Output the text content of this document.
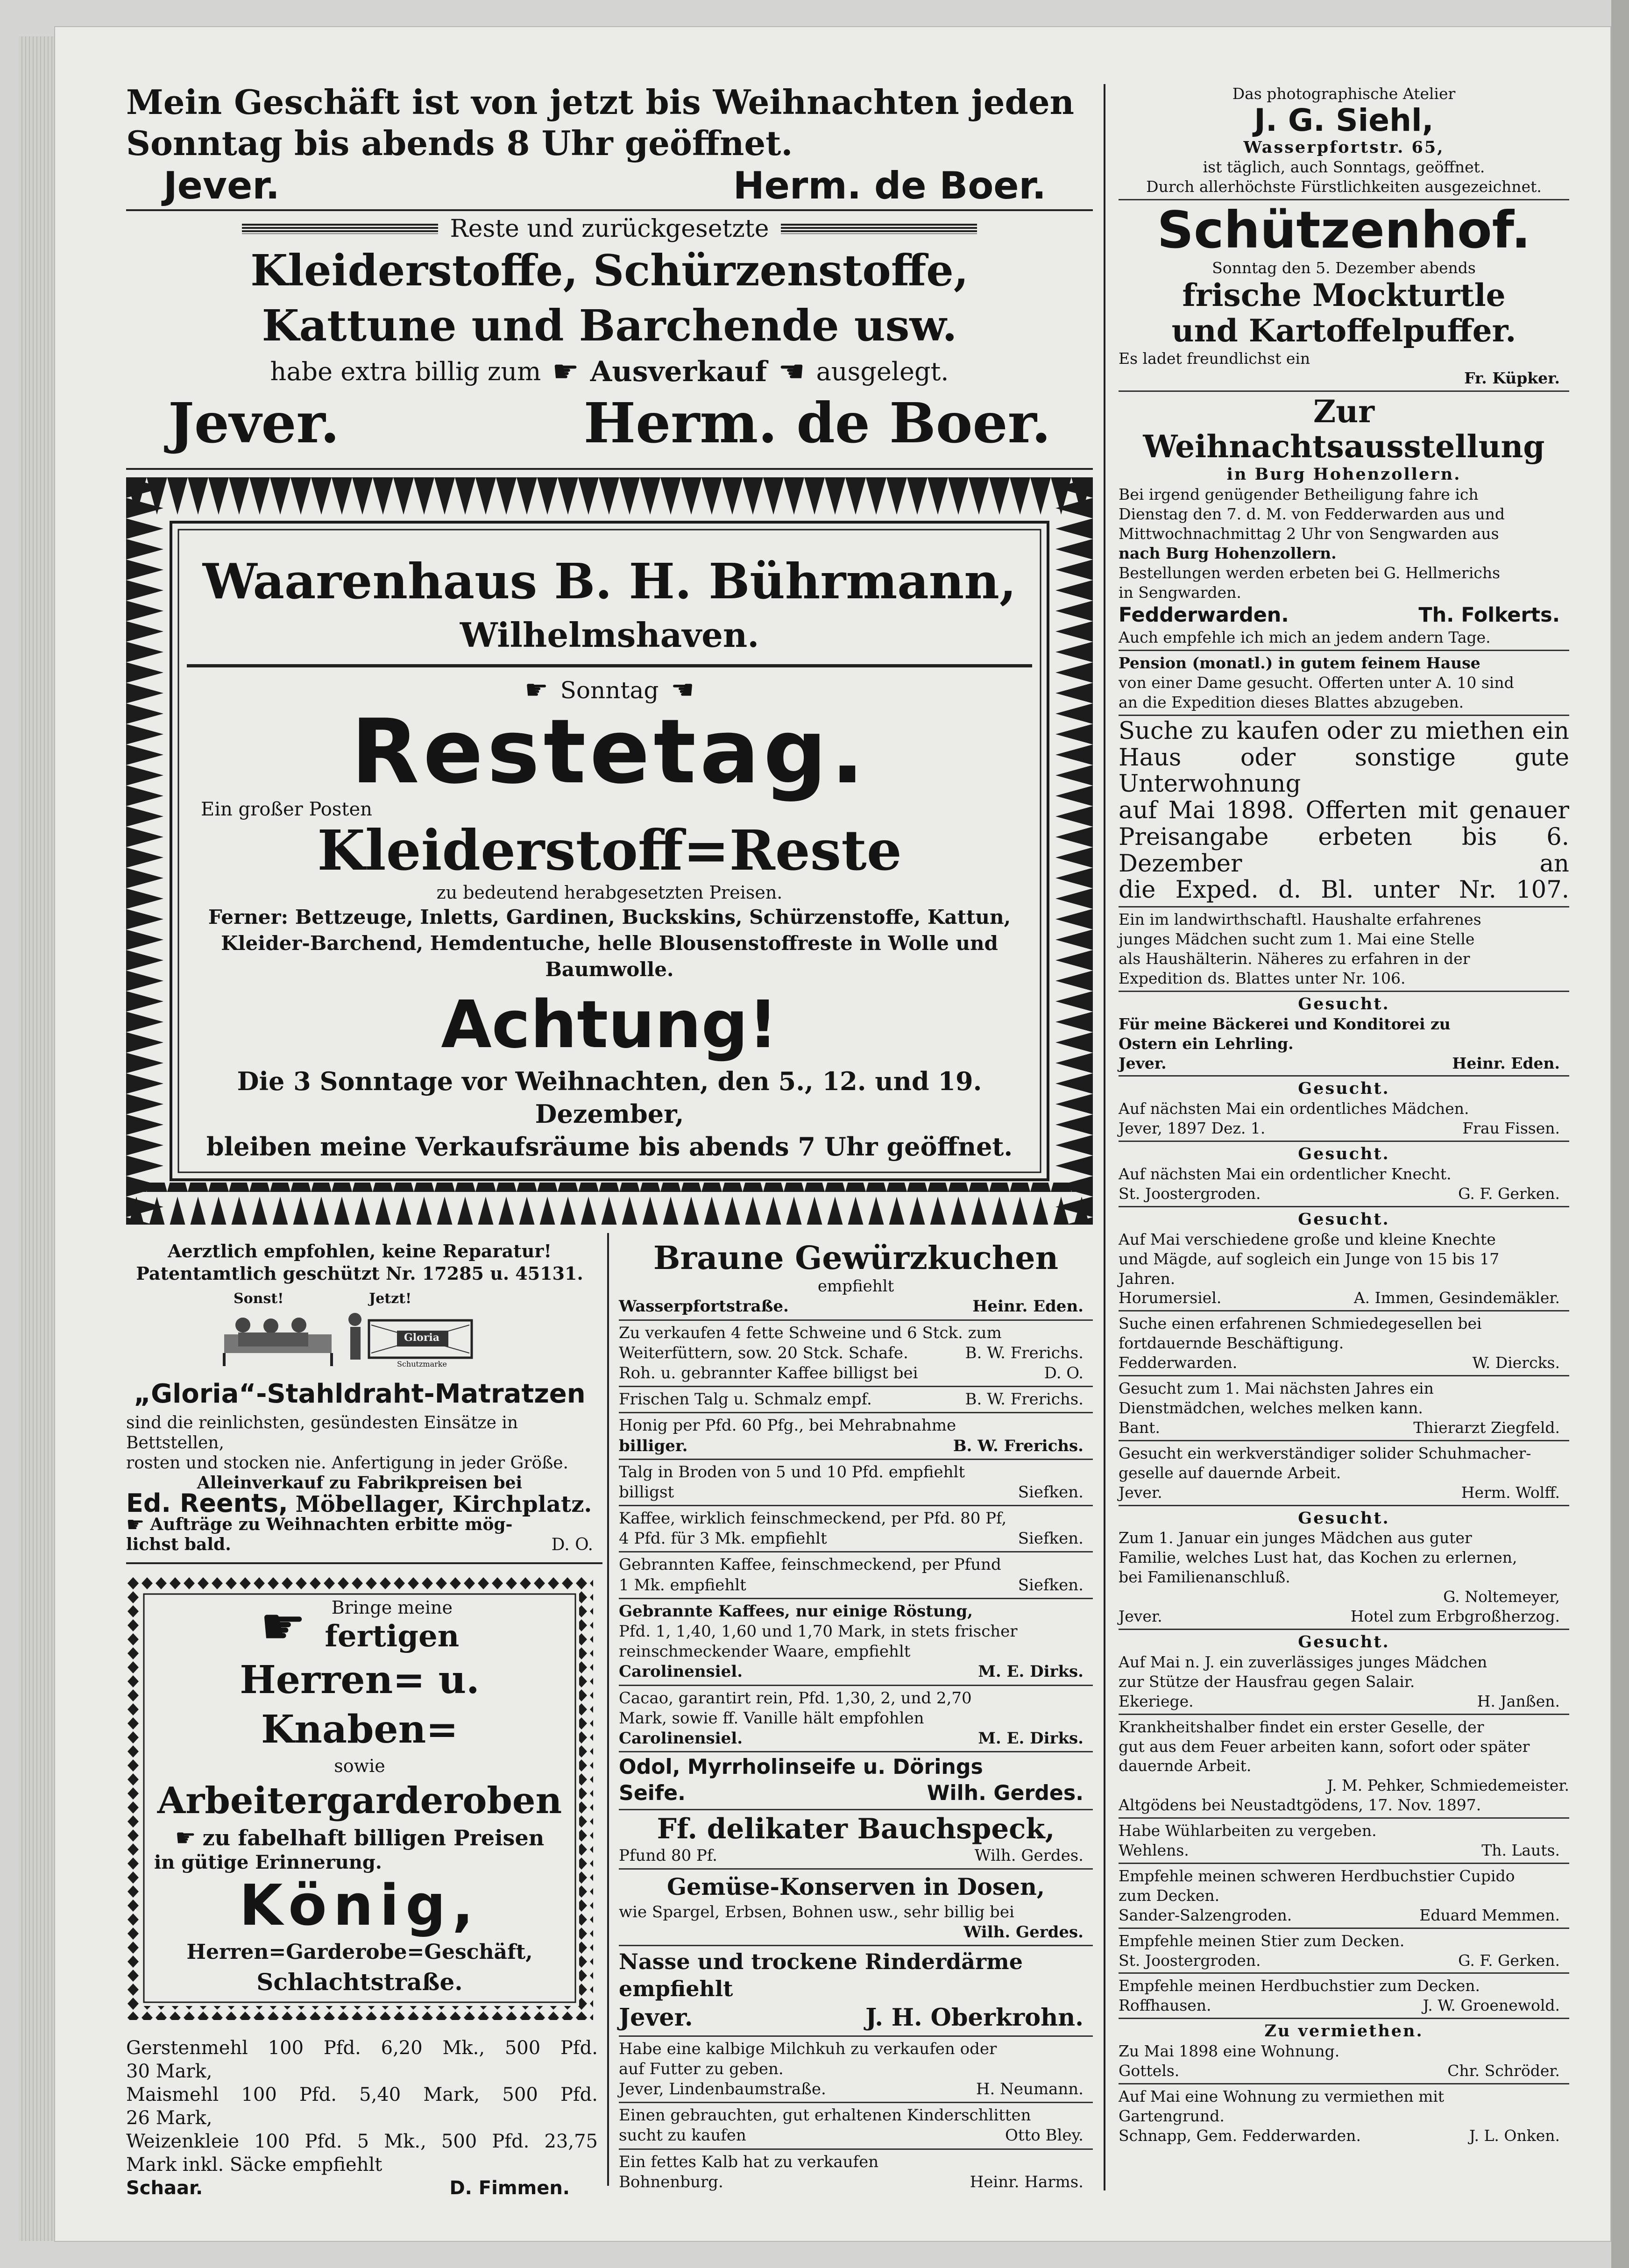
Mein Geschäft ist von jetzt bis Weihnachten jeden
Sonntag bis abends 8 Uhr geöffnet.
Jever.	Herm. de Boer.
Reste und zurückgesetzte
Kleiderstoffe, Schürzenstoffe,
Kattune und Barchende usw.
habe extra billig zum ☛ Ausverkauf ☚ ausgelegt.
Jever.	Herm. de Boer.
Waarenhaus B. H. Bührmann,
Wilhelmshaven.
☛ Sonntag ☚
Restetag.
Ein großer Posten
Kleiderstoff=Reste
zu bedeutend herabgesetzten Preisen.
Ferner: Bettzeuge, Inletts, Gardinen, Buckskins, Schürzenstoffe, Kattun,
Kleider-Barchend, Hemdentuche, helle Blousenstoffreste in Wolle und Baumwolle.
Achtung!
Die 3 Sonntage vor Weihnachten, den 5., 12. und 19. Dezember,
bleiben meine Verkaufsräume bis abends 7 Uhr geöffnet.
Aerztlich empfohlen, keine Reparatur!
Patentamtlich geschützt Nr. 17285 u. 45131.
Sonst!	Jetzt!
Gloria
Schutzmarke
„Gloria“-Stahldraht-Matratzen
sind die reinlichsten, gesündesten Einsätze in Bettstellen,
rosten und stocken nie. Anfertigung in jeder Größe.
Alleinverkauf zu Fabrikpreisen bei
Ed. Reents, Möbellager, Kirchplatz.
☛ Aufträge zu Weihnachten erbitte mög-
lichst bald.	D. O.
☛	Bringe meine
fertigen
Herren= u. Knaben=
sowie
Arbeitergarderoben
☛ zu fabelhaft billigen Preisen
in gütige Erinnerung.
König,
Herren=Garderobe=Geschäft,
Schlachtstraße.
Gerstenmehl 100 Pfd. 6,20 Mk., 500 Pfd.
30 Mark,
Maismehl 100 Pfd. 5,40 Mark, 500 Pfd.
26 Mark,
Weizenkleie 100 Pfd. 5 Mk., 500 Pfd. 23,75
Mark inkl. Säcke empfiehlt
Schaar.	D. Fimmen.
Braune Gewürzkuchen
empfiehlt
Wasserpfortstraße.	Heinr. Eden.
Zu verkaufen 4 fette Schweine und 6 Stck. zum
Weiterfüttern, sow. 20 Stck. Schafe.	B. W. Frerichs.
Roh. u. gebrannter Kaffee billigst bei	D. O.
Frischen Talg u. Schmalz empf.	B. W. Frerichs.
Honig per Pfd. 60 Pfg., bei Mehrabnahme
billiger.	B. W. Frerichs.
Talg in Broden von 5 und 10 Pfd. empfiehlt
billigst	Siefken.
Kaffee, wirklich feinschmeckend, per Pfd. 80 Pf,
4 Pfd. für 3 Mk. empfiehlt	Siefken.
Gebrannten Kaffee, feinschmeckend, per Pfund
1 Mk. empfiehlt	Siefken.
Gebrannte Kaffees, nur einige Röstung,
Pfd. 1, 1,40, 1,60 und 1,70 Mark, in stets frischer
reinschmeckender Waare, empfiehlt
Carolinensiel.	M. E. Dirks.
Cacao, garantirt rein, Pfd. 1,30, 2, und 2,70
Mark, sowie ff. Vanille hält empfohlen
Carolinensiel.	M. E. Dirks.
Odol, Myrrholinseife u. Dörings
Seife.	Wilh. Gerdes.
Ff. delikater Bauchspeck,
Pfund 80 Pf.	Wilh. Gerdes.
Gemüse-Konserven in Dosen,
wie Spargel, Erbsen, Bohnen usw., sehr billig bei
Wilh. Gerdes.
Nasse und trockene Rinderdärme empfiehlt
Jever.	J. H. Oberkrohn.
Habe eine kalbige Milchkuh zu verkaufen oder
auf Futter zu geben.
Jever, Lindenbaumstraße.	H. Neumann.
Einen gebrauchten, gut erhaltenen Kinderschlitten
sucht zu kaufen	Otto Bley.
Ein fettes Kalb hat zu verkaufen
Bohnenburg.	Heinr. Harms.
Das photographische Atelier
J. G. Siehl,
Wasserpfortstr. 65,
ist täglich, auch Sonntags, geöffnet.
Durch allerhöchste Fürstlichkeiten ausgezeichnet.
Schützenhof.
Sonntag den 5. Dezember abends
frische Mockturtle
und Kartoffelpuffer.
Es ladet freundlichst ein
Fr. Küpker.
Zur Weihnachtsausstellung
in Burg Hohenzollern.
Bei irgend genügender Betheiligung fahre ich
Dienstag den 7. d. M. von Fedderwarden aus und
Mittwochnachmittag 2 Uhr von Sengwarden aus
nach Burg Hohenzollern.
Bestellungen werden erbeten bei G. Hellmerichs
in Sengwarden.
Fedderwarden.	Th. Folkerts.
Auch empfehle ich mich an jedem andern Tage.
Pension (monatl.) in gutem feinem Hause
von einer Dame gesucht. Offerten unter A. 10 sind
an die Expedition dieses Blattes abzugeben.
Suche zu kaufen oder zu miethen ein
Haus oder sonstige gute Unterwohnung
auf Mai 1898. Offerten mit genauer
Preisangabe erbeten bis 6. Dezember an
die Exped. d. Bl. unter Nr. 107.
Ein im landwirthschaftl. Haushalte erfahrenes
junges Mädchen sucht zum 1. Mai eine Stelle
als Haushälterin. Näheres zu erfahren in der
Expedition ds. Blattes unter Nr. 106.
Gesucht.
Für meine Bäckerei und Konditorei zu
Ostern ein Lehrling.
Jever.	Heinr. Eden.
Gesucht.
Auf nächsten Mai ein ordentliches Mädchen.
Jever, 1897 Dez. 1.	Frau Fissen.
Gesucht.
Auf nächsten Mai ein ordentlicher Knecht.
St. Joostergroden.	G. F. Gerken.
Gesucht.
Auf Mai verschiedene große und kleine Knechte
und Mägde, auf sogleich ein Junge von 15 bis 17
Jahren.
Horumersiel.	A. Immen, Gesindemäkler.
Suche einen erfahrenen Schmiedegesellen bei
fortdauernde Beschäftigung.
Fedderwarden.	W. Diercks.
Gesucht zum 1. Mai nächsten Jahres ein
Dienstmädchen, welches melken kann.
Bant.	Thierarzt Ziegfeld.
Gesucht ein werkverständiger solider Schuhmacher-
geselle auf dauernde Arbeit.
Jever.	Herm. Wolff.
Gesucht.
Zum 1. Januar ein junges Mädchen aus guter
Familie, welches Lust hat, das Kochen zu erlernen,
bei Familienanschluß.
G. Noltemeyer,
Jever.	Hotel zum Erbgroßherzog.
Gesucht.
Auf Mai n. J. ein zuverlässiges junges Mädchen
zur Stütze der Hausfrau gegen Salair.
Ekeriege.	H. Janßen.
Krankheitshalber findet ein erster Geselle, der
gut aus dem Feuer arbeiten kann, sofort oder später
dauernde Arbeit.
J. M. Pehker, Schmiedemeister.
Altgödens bei Neustadtgödens, 17. Nov. 1897.
Habe Wühlarbeiten zu vergeben.
Wehlens.	Th. Lauts.
Empfehle meinen schweren Herdbuchstier Cupido
zum Decken.
Sander-Salzengroden.	Eduard Memmen.
Empfehle meinen Stier zum Decken.
St. Joostergroden.	G. F. Gerken.
Empfehle meinen Herdbuchstier zum Decken.
Roffhausen.	J. W. Groenewold.
Zu vermiethen.
Zu Mai 1898 eine Wohnung.
Gottels.	Chr. Schröder.
Auf Mai eine Wohnung zu vermiethen mit
Gartengrund.
Schnapp, Gem. Fedderwarden.	J. L. Onken.
